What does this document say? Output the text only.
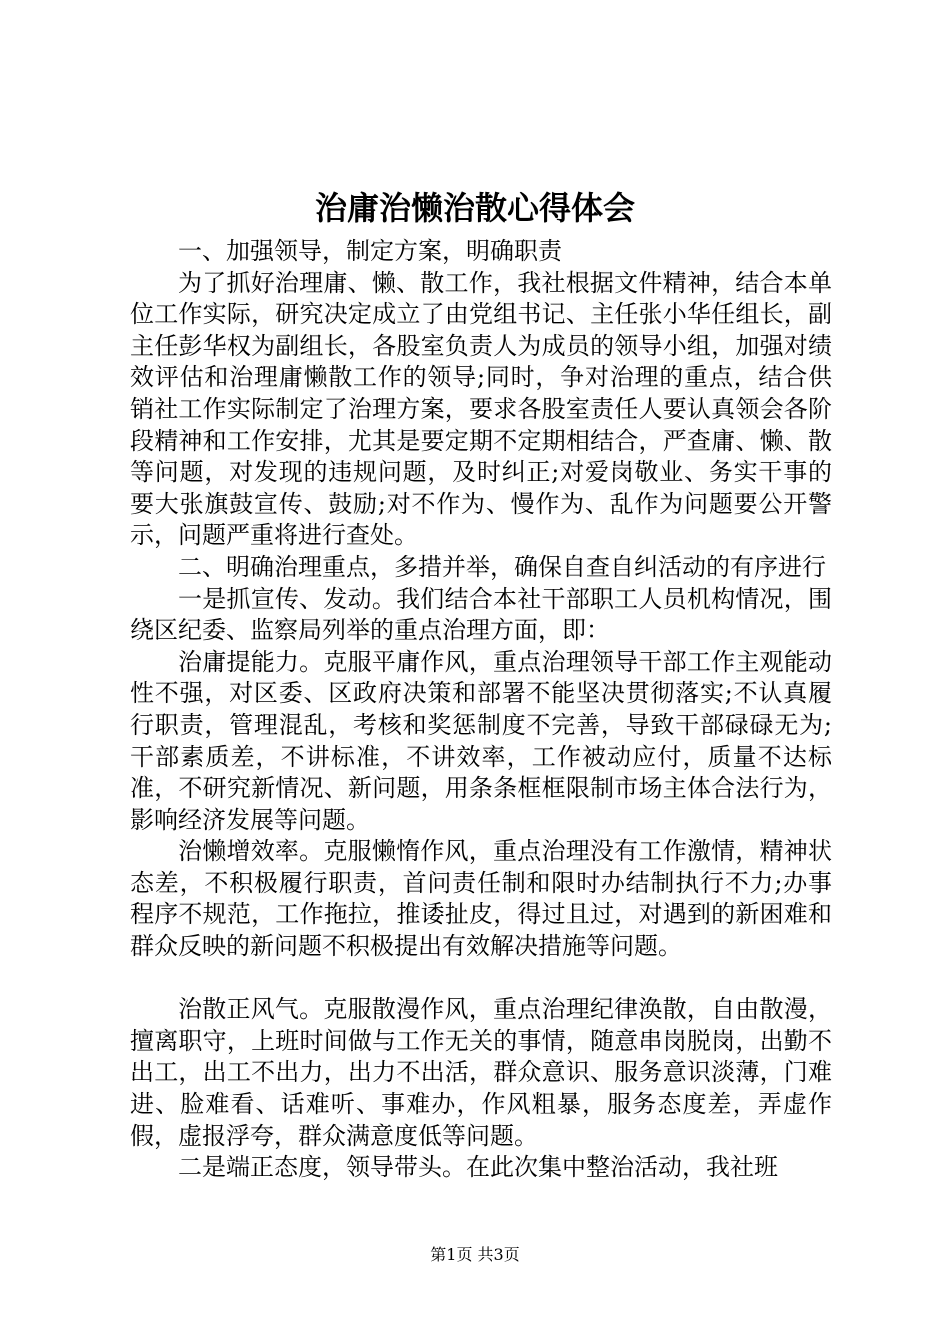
治庸治懒治散心得体会

一、加强领导，制定方案，明确职责

为了抓好治理庸、懒、散工作，我社根据文件精神，结合本单位工作实际，研究决定成立了由党组书记、主任张小华任组长，副主任彭华权为副组长，各股室负责人为成员的领导小组，加强对绩效评估和治理庸懒散工作的领导;同时，争对治理的重点，结合供销社工作实际制定了治理方案，要求各股室责任人要认真领会各阶段精神和工作安排，尤其是要定期不定期相结合，严查庸、懒、散等问题，对发现的违规问题，及时纠正;对爱岗敬业、务实干事的要大张旗鼓宣传、鼓励;对不作为、慢作为、乱作为问题要公开警示，问题严重将进行查处。

二、明确治理重点，多措并举，确保自查自纠活动的有序进行

一是抓宣传、发动。我们结合本社干部职工人员机构情况，围绕区纪委、监察局列举的重点治理方面，即：

治庸提能力。克服平庸作风，重点治理领导干部工作主观能动性不强，对区委、区政府决策和部署不能坚决贯彻落实;不认真履行职责，管理混乱，考核和奖惩制度不完善，导致干部碌碌无为;干部素质差，不讲标准，不讲效率，工作被动应付，质量不达标准，不研究新情况、新问题，用条条框框限制市场主体合法行为，影响经济发展等问题。

治懒增效率。克服懒惰作风，重点治理没有工作激情，精神状态差，不积极履行职责，首问责任制和限时办结制执行不力;办事程序不规范，工作拖拉，推诿扯皮，得过且过，对遇到的新困难和群众反映的新问题不积极提出有效解决措施等问题。

治散正风气。克服散漫作风，重点治理纪律涣散，自由散漫，擅离职守，上班时间做与工作无关的事情，随意串岗脱岗，出勤不出工，出工不出力，出力不出活，群众意识、服务意识淡薄，门难进、脸难看、话难听、事难办，作风粗暴，服务态度差，弄虚作假，虚报浮夸，群众满意度低等问题。

二是端正态度，领导带头。在此次集中整治活动，我社班

第1页 共3页
